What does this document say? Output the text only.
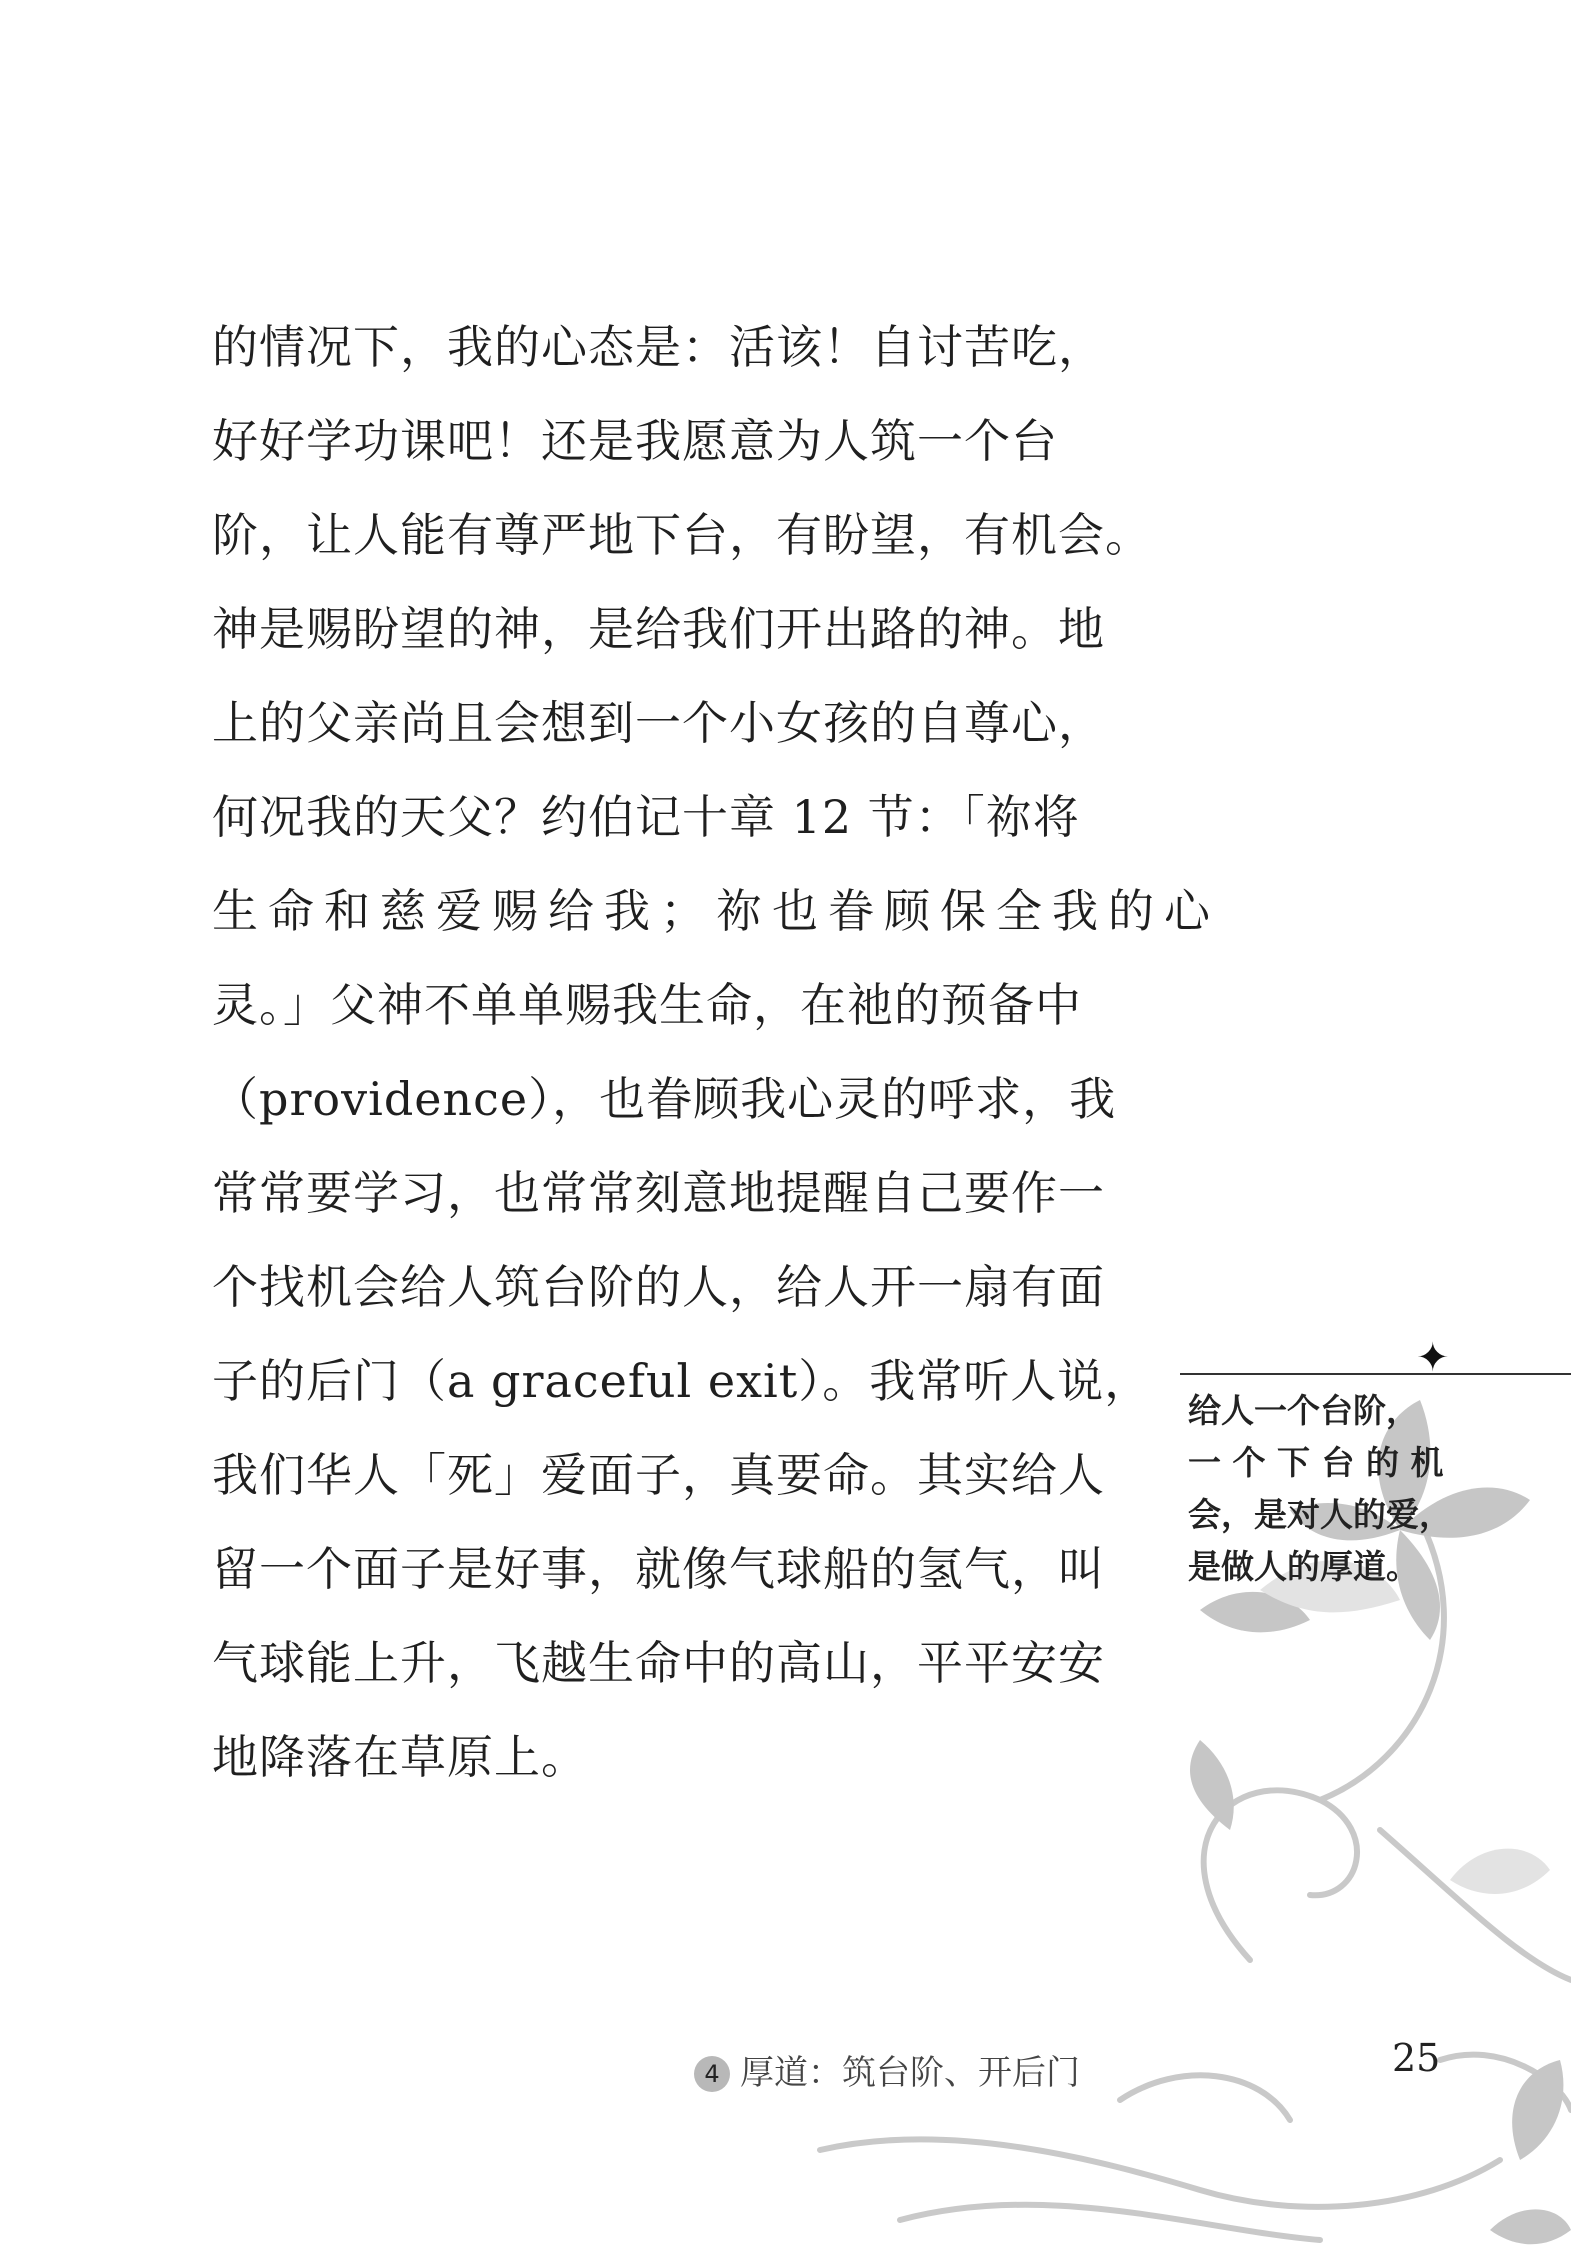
的情况下，我的心态是：活该！自讨苦吃，
好好学功课吧！还是我愿意为人筑一个台
阶，让人能有尊严地下台，有盼望，有机会。
神是赐盼望的神，是给我们开出路的神。地
上的父亲尚且会想到一个小女孩的自尊心，
何况我的天父？约伯记十章 12 节：「祢将
生命和慈爱赐给我；祢也眷顾保全我的心
灵。」父神不单单赐我生命，在祂的预备中
（providence），也眷顾我心灵的呼求，我
常常要学习，也常常刻意地提醒自己要作一
个找机会给人筑台阶的人，给人开一扇有面
子的后门（a graceful exit）。我常听人说，
我们华人「死」爱面子，真要命。其实给人
留一个面子是好事，就像气球船的氢气，叫
气球能上升，飞越生命中的高山，平平安安
地降落在草原上。
✦
给人一个台阶，
一 个 下 台 的 机
会，是对人的爱，
是做人的厚道。
4 厚道：筑台阶、开后门	25
